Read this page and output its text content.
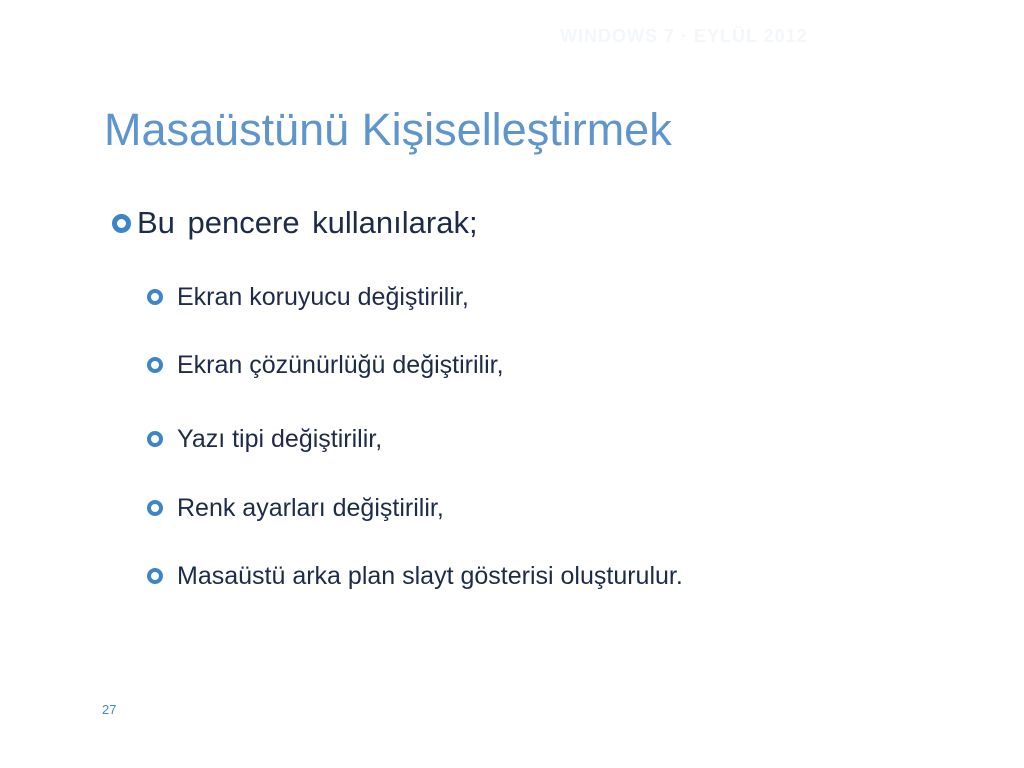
WINDOWS 7 · EYLÜL 2012
Masaüstünü Kişiselleştirmek
Bu pencere kullanılarak;
Ekran koruyucu değiştirilir,
Ekran çözünürlüğü değiştirilir,
Yazı tipi değiştirilir,
Renk ayarları değiştirilir,
Masaüstü arka plan slayt gösterisi oluşturulur.
27
